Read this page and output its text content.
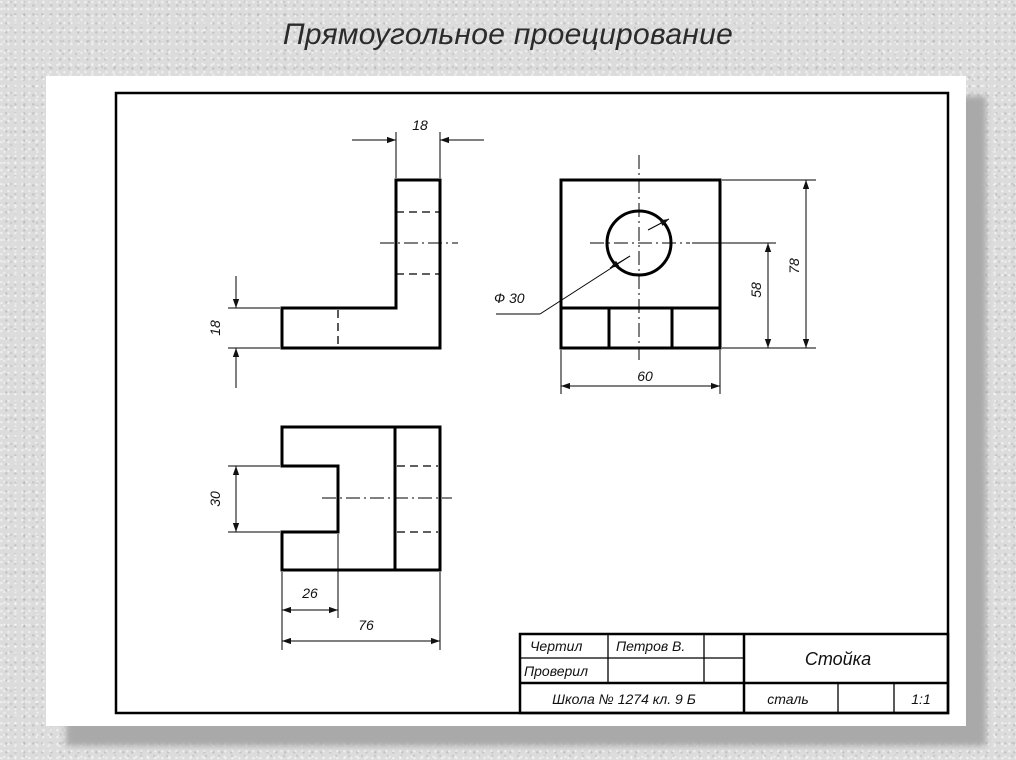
Прямоугольное проецирование
18
18
Ф 30	58
78
60
30
26
76
Чертил Петров В.
Проверил
Стойка
Школа № 1274 кл. 9 Б	сталь	1:1
